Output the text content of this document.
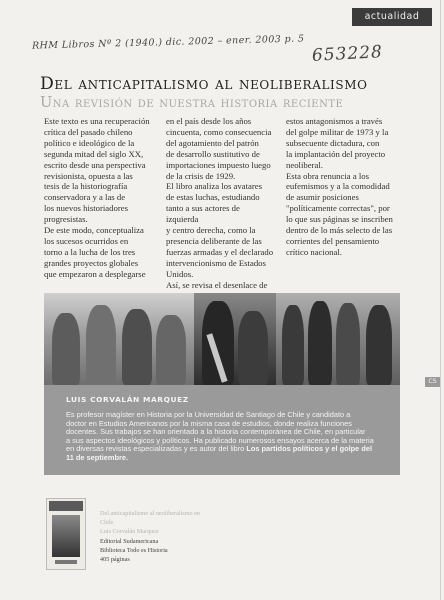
actualidad
CS
RHM Libros Nº 2 (1940.) dic. 2002 – ener. 2003 p. 5 653228
Del anticapitalismo al neoliberalismo
Una revisión de nuestra historia reciente

Este texto es una recuperación

crítica del pasado chileno

político e ideológico de la

segunda mitad del siglo XX,

escrito desde una perspectiva

revisionista, opuesta a las

tesis de la historiografía

conservadora y a las de

los nuevos historiadores

progresistas.

De este modo, conceptualiza

los sucesos ocurridos en

torno a la lucha de los tres

grandes proyectos globales

que empezaron a desplegarse

en el país desde los años

cincuenta, como consecuencia

del agotamiento del patrón

de desarrollo sustitutivo de

importaciones impuesto luego

de la crisis de 1929.

El libro analiza los avatares

de estas luchas, estudiando

tanto a sus actores de izquierda

y centro derecha, como la

presencia deliberante de las

fuerzas armadas y el declarado

intervencionismo de Estados

Unidos.

Así, se revisa el desenlace de

estos antagonismos a través

del golpe militar de 1973 y la

subsecuente dictadura, con

la implantación del proyecto

neoliberal.

Esta obra renuncia a los

eufemismos y a la comodidad

de asumir posiciones

"políticamente correctas", por

lo que sus páginas se inscriben

dentro de lo más selecto de las

corrientes del pensamiento

crítico nacional.

LUIS CORVALÁN MARQUEZ

Es profesor magíster en Historia por la Universidad de Santiago de Chile y candidato a
doctor en Estudios Americanos por la misma casa de estudios, donde realiza funciones
docentes. Sus trabajos se han orientado a la historia contemporánea de Chile, en particular
a sus aspectos ideológicos y políticos. Ha publicado numerosos ensayos acerca de la materia
en diversas revistas especializadas y es autor del libro Los partidos políticos y el golpe del
11 de septiembre.

Del anticapitalismo al neoliberalismo en
Chile
Luis Corvalán Marquez
Editorial Sudamericana
Biblioteca Todo es Historia
405 páginas
